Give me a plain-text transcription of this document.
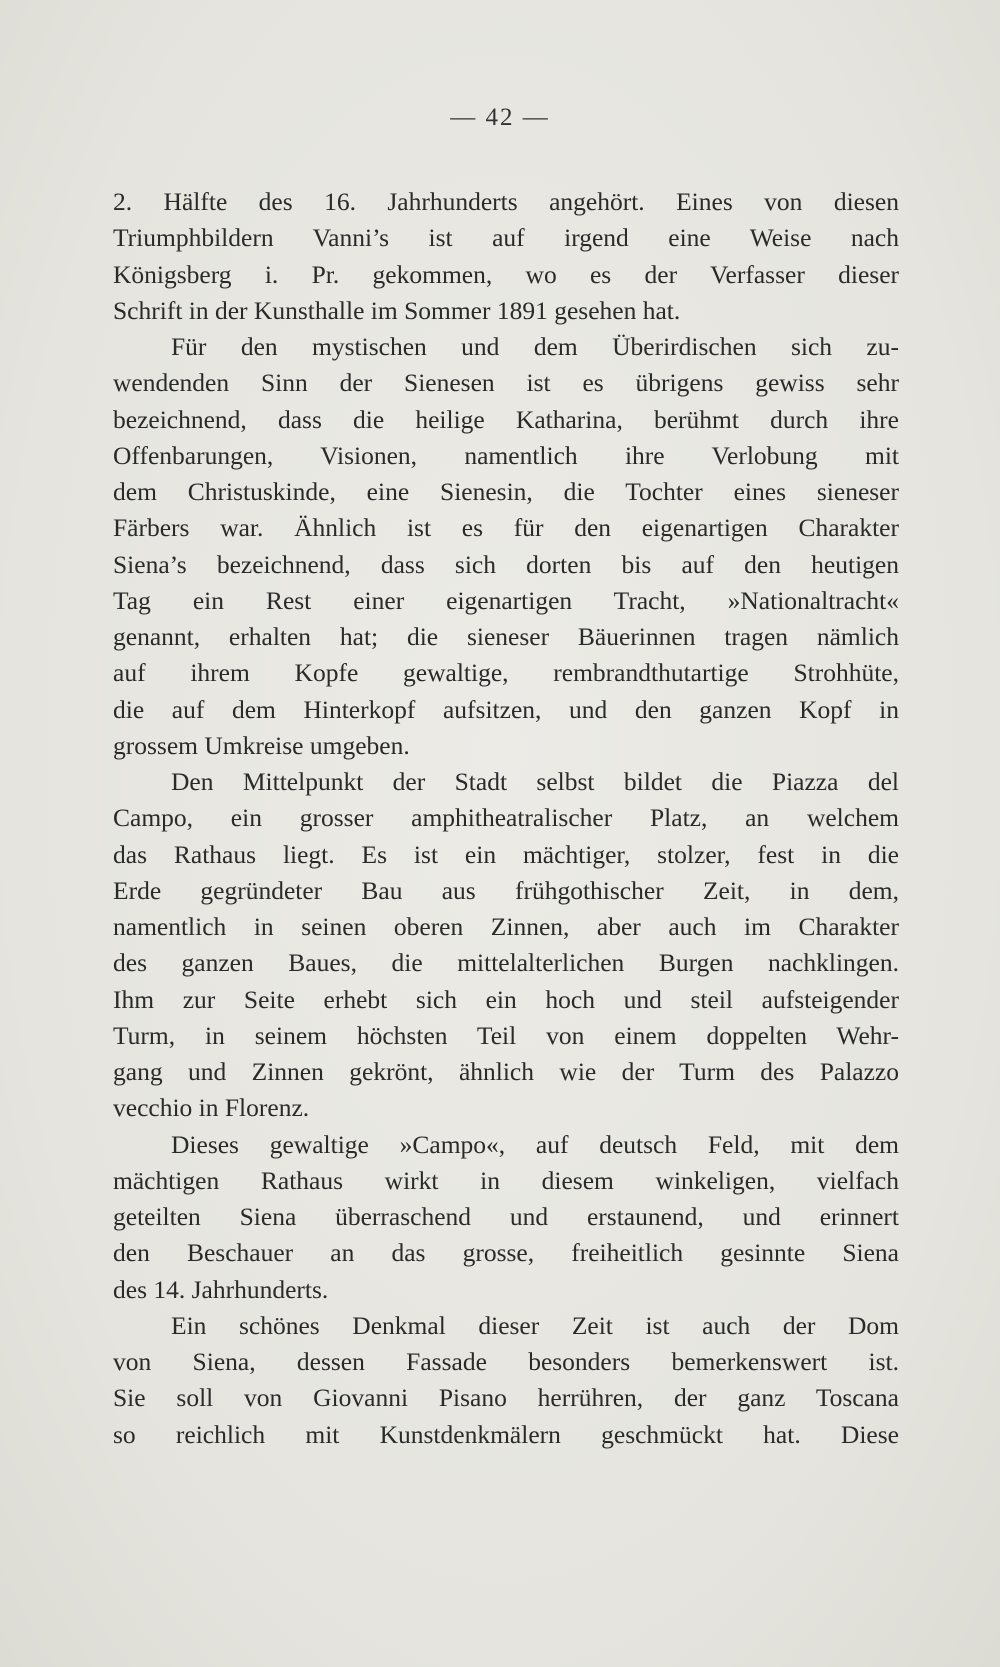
— 42 —
2. Hälfte des 16. Jahrhunderts angehört. Eines von diesen
Triumphbildern Vanni’s ist auf irgend eine Weise nach
Königsberg i. Pr. gekommen, wo es der Verfasser dieser
Schrift in der Kunsthalle im Sommer 1891 gesehen hat.
Für den mystischen und dem Überirdischen sich zu-
wendenden Sinn der Sienesen ist es übrigens gewiss sehr
bezeichnend, dass die heilige Katharina, berühmt durch ihre
Offenbarungen, Visionen, namentlich ihre Verlobung mit
dem Christuskinde, eine Sienesin, die Tochter eines sieneser
Färbers war. Ähnlich ist es für den eigenartigen Charakter
Siena’s bezeichnend, dass sich dorten bis auf den heutigen
Tag ein Rest einer eigenartigen Tracht, »Nationaltracht«
genannt, erhalten hat; die sieneser Bäuerinnen tragen nämlich
auf ihrem Kopfe gewaltige, rembrandthutartige Strohhüte,
die auf dem Hinterkopf aufsitzen, und den ganzen Kopf in
grossem Umkreise umgeben.
Den Mittelpunkt der Stadt selbst bildet die Piazza del
Campo, ein grosser amphitheatralischer Platz, an welchem
das Rathaus liegt. Es ist ein mächtiger, stolzer, fest in die
Erde gegründeter Bau aus frühgothischer Zeit, in dem,
namentlich in seinen oberen Zinnen, aber auch im Charakter
des ganzen Baues, die mittelalterlichen Burgen nachklingen.
Ihm zur Seite erhebt sich ein hoch und steil aufsteigender
Turm, in seinem höchsten Teil von einem doppelten Wehr-
gang und Zinnen gekrönt, ähnlich wie der Turm des Palazzo
vecchio in Florenz.
Dieses gewaltige »Campo«, auf deutsch Feld, mit dem
mächtigen Rathaus wirkt in diesem winkeligen, vielfach
geteilten Siena überraschend und erstaunend, und erinnert
den Beschauer an das grosse, freiheitlich gesinnte Siena
des 14. Jahrhunderts.
Ein schönes Denkmal dieser Zeit ist auch der Dom
von Siena, dessen Fassade besonders bemerkenswert ist.
Sie soll von Giovanni Pisano herrühren, der ganz Toscana
so reichlich mit Kunstdenkmälern geschmückt hat. Diese
